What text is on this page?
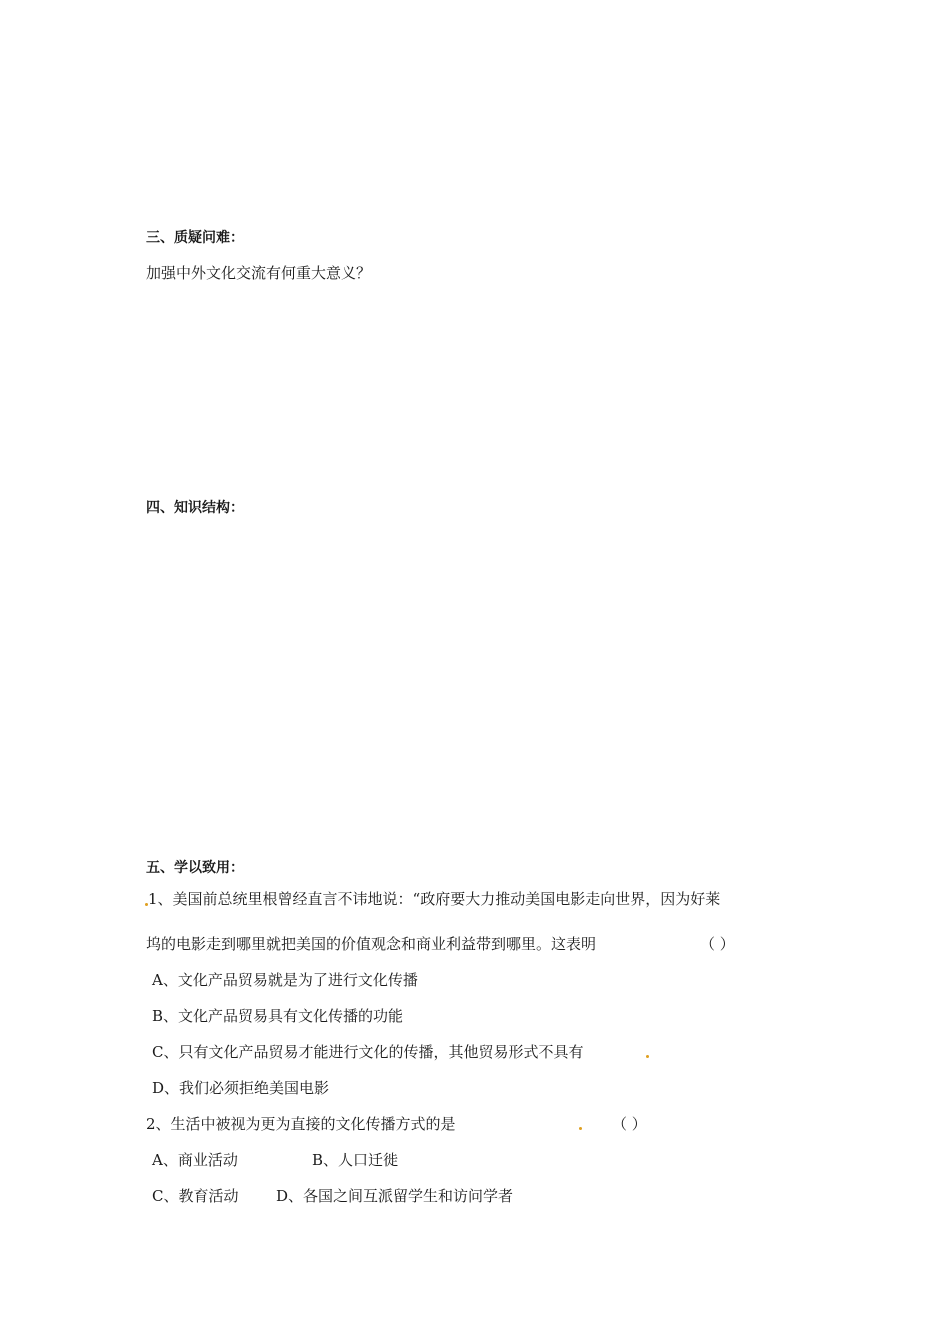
三、质疑问难：
加强中外文化交流有何重大意义？
四、知识结构：
五、学以致用：
1、美国前总统里根曾经直言不讳地说：“政府要大力推动美国电影走向世界，因为好莱
坞的电影走到哪里就把美国的价值观念和商业利益带到哪里。这表明	（ ）
A、文化产品贸易就是为了进行文化传播
B、文化产品贸易具有文化传播的功能
C、只有文化产品贸易才能进行文化的传播，其他贸易形式不具有
D、我们必须拒绝美国电影
2、生活中被视为更为直接的文化传播方式的是	（ ）
A、商业活动	B、人口迁徙
C、教育活动	D、各国之间互派留学生和访问学者
